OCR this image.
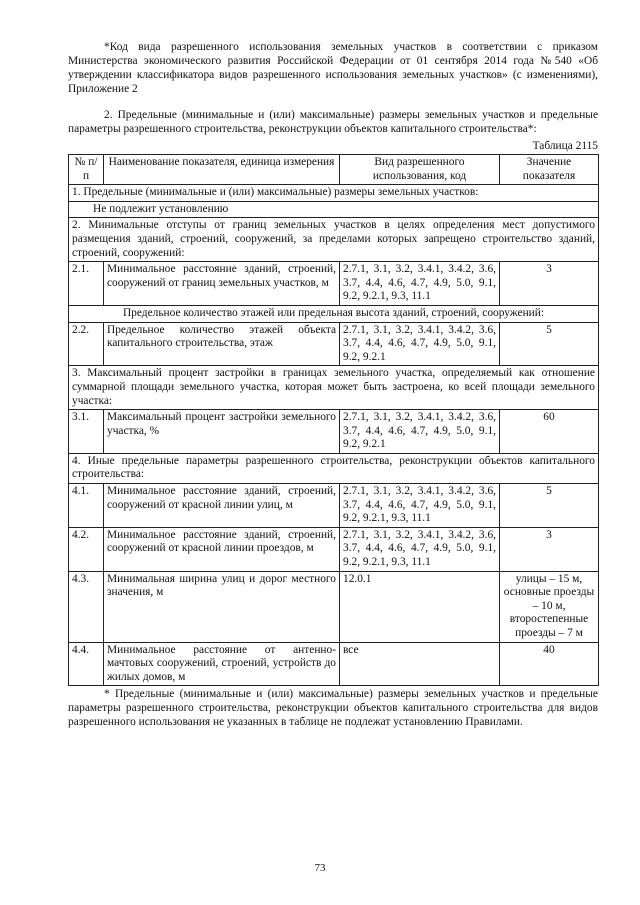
*Код вида разрешенного использования земельных участков в соответствии с приказом Министерства экономического развития Российской Федерации от 01 сентября 2014 года №540 «Об утверждении классификатора видов разрешенного использования земельных участков» (с изменениями), Приложение 2

2. Предельные (минимальные и (или) максимальные) размеры земельных участков и предельные параметры разрешенного строительства, реконструкции объектов капитального строительства*:

Таблица 2115
№ п/п	Наименование показателя, единица измерения	Вид разрешенного использования, код	Значение показателя
1. Предельные (минимальные и (или) максимальные) размеры земельных участков:			
Не подлежит установлению			
2. Минимальные отступы от границ земельных участков в целях определения мест допустимого размещения зданий, строений, сооружений, за пределами которых запрещено строительство зданий, строений, сооружений:			
2.1.	Минимальное расстояние зданий, строений, сооружений от границ земельных участков, м	2.7.1, 3.1, 3.2, 3.4.1, 3.4.2, 3.6, 3.7, 4.4, 4.6, 4.7, 4.9, 5.0, 9.1, 9.2, 9.2.1, 9.3, 11.1	3
Предельное количество этажей или предельная высота зданий, строений, сооружений:			
2.2.	Предельное количество этажей объекта капитального строительства, этаж	2.7.1, 3.1, 3.2, 3.4.1, 3.4.2, 3.6, 3.7, 4.4, 4.6, 4.7, 4.9, 5.0, 9.1, 9.2, 9.2.1	5
3. Максимальный процент застройки в границах земельного участка, определяемый как отношение суммарной площади земельного участка, которая может быть застроена, ко всей площади земельного участка:			
3.1.	Максимальный процент застройки земельного участка, %	2.7.1, 3.1, 3.2, 3.4.1, 3.4.2, 3.6, 3.7, 4.4, 4.6, 4.7, 4.9, 5.0, 9.1, 9.2, 9.2.1	60
4. Иные предельные параметры разрешенного строительства, реконструкции объектов капитального строительства:			
4.1.	Минимальное расстояние зданий, строений, сооружений от красной линии улиц, м	2.7.1, 3.1, 3.2, 3.4.1, 3.4.2, 3.6, 3.7, 4.4, 4.6, 4.7, 4.9, 5.0, 9.1, 9.2, 9.2.1, 9.3, 11.1	5
4.2.	Минимальное расстояние зданий, строений, сооружений от красной линии проездов, м	2.7.1, 3.1, 3.2, 3.4.1, 3.4.2, 3.6, 3.7, 4.4, 4.6, 4.7, 4.9, 5.0, 9.1, 9.2, 9.2.1, 9.3, 11.1	3
4.3.	Минимальная ширина улиц и дорог местного значения, м	12.0.1	улицы – 15 м, основные проезды – 10 м, второстепенные проезды – 7 м
4.4.	Минимальное расстояние от антенно-мачтовых сооружений, строений, устройств до жилых домов, м	все	40

* Предельные (минимальные и (или) максимальные) размеры земельных участков и предельные параметры разрешенного строительства, реконструкции объектов капитального строительства для видов разрешенного использования не указанных в таблице не подлежат установлению Правилами.

73
